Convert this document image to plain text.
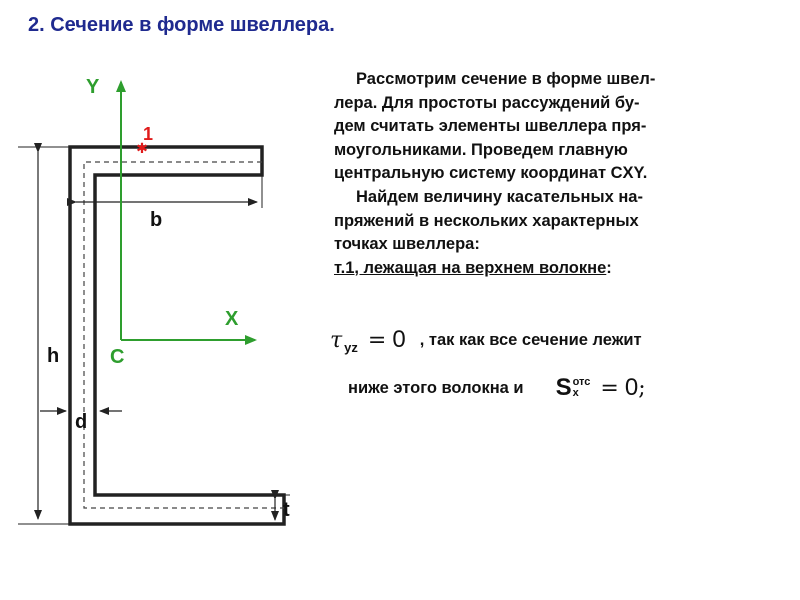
2. Сечение в форме швеллера.
✱
Y
X
C
1
b
h
d
t

Рассмотрим сечение в форме швел-

лера. Для простоты рассуждений бу-

дем считать элементы швеллера пря-

моугольниками. Проведем главную

центральную систему координат CXY.

Найдем величину касательных на-

пряжений в нескольких характерных

точках швеллера:

т.1, лежащая на верхнем волокне:

τ yz = 0 , так как все сечение лежит
ниже этого волокна и S отс
x = 0 ;
